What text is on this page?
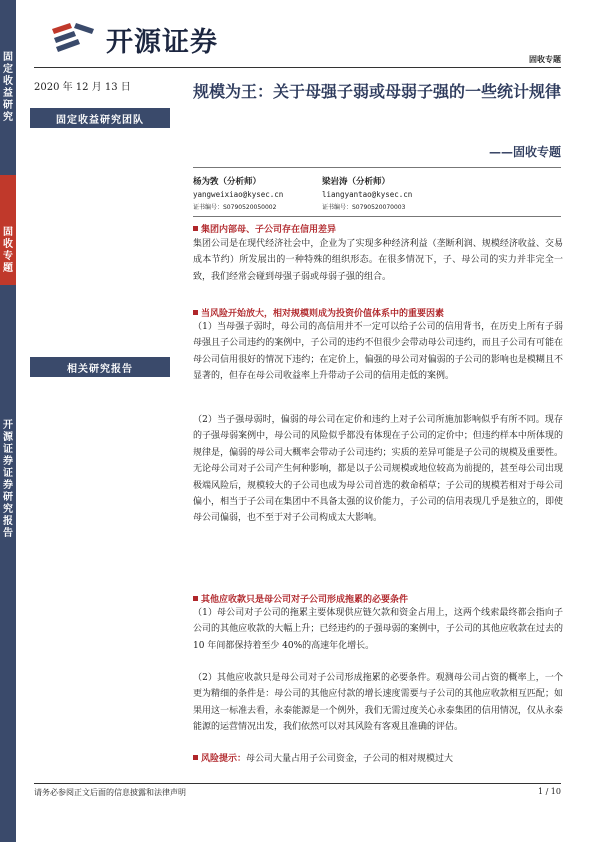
固定收益研究
固收专题
开源证券 证券研究报告
开源证券
固收专题
2020 年 12 月 13 日
固定收益研究团队
相关研究报告
规模为王：关于母强子弱或母弱子强的一些统计规律
——固收专题
杨为敩（分析师）
yangweixiao@kysec.cn
证书编号：S0790520050002
梁岩涛（分析师）
liangyantao@kysec.cn
证书编号：S0790520070003
集团内部母、子公司存在信用差异
集团公司是在现代经济社会中，企业为了实现多种经济利益（垄断利润、规模经济收益、交易成本节约）所发展出的一种特殊的组织形态。在很多情况下，子、母公司的实力并非完全一致，我们经常会碰到母强子弱或母弱子强的组合。
当风险开始放大，相对规模则成为投资价值体系中的重要因素
（1）当母强子弱时，母公司的高信用并不一定可以给子公司的信用背书，在历史上所有子弱母强且子公司违约的案例中，子公司的违约不但很少会带动母公司违约，而且子公司有可能在母公司信用很好的情况下违约；在定价上，偏强的母公司对偏弱的子公司的影响也是模糊且不显著的，但存在母公司收益率上升带动子公司的信用走低的案例。
（2）当子强母弱时，偏弱的母公司在定价和违约上对子公司所施加影响似乎有所不同。现存的子强母弱案例中，母公司的风险似乎都没有体现在子公司的定价中；但违约样本中所体现的规律是，偏弱的母公司大概率会带动子公司违约；实质的差异可能是子公司的规模及重要性。无论母公司对子公司产生何种影响，都是以子公司规模或地位较高为前提的，甚至母公司出现极端风险后，规模较大的子公司也成为母公司首选的救命稻草；子公司的规模若相对于母公司偏小，相当于子公司在集团中不具备太强的议价能力，子公司的信用表现几乎是独立的，即使母公司偏弱，也不至于对子公司构成太大影响。
其他应收款只是母公司对子公司形成拖累的必要条件
（1）母公司对子公司的拖累主要体现供应链欠款和资金占用上，这两个线索最终都会指向子公司的其他应收款的大幅上升；已经违约的子强母弱的案例中，子公司的其他应收款在过去的 10 年间都保持着至少 40%的高速年化增长。
（2）其他应收款只是母公司对子公司形成拖累的必要条件。观测母公司占资的概率上，一个更为精细的条件是：母公司的其他应付款的增长速度需要与子公司的其他应收款相互匹配；如果用这一标准去看，永泰能源是一个例外，我们无需过度关心永泰集团的信用情况，仅从永泰能源的运营情况出发，我们依然可以对其风险有客观且准确的评估。
风险提示：母公司大量占用子公司资金，子公司的相对规模过大
请务必参阅正文后面的信息披露和法律声明	1 / 10
